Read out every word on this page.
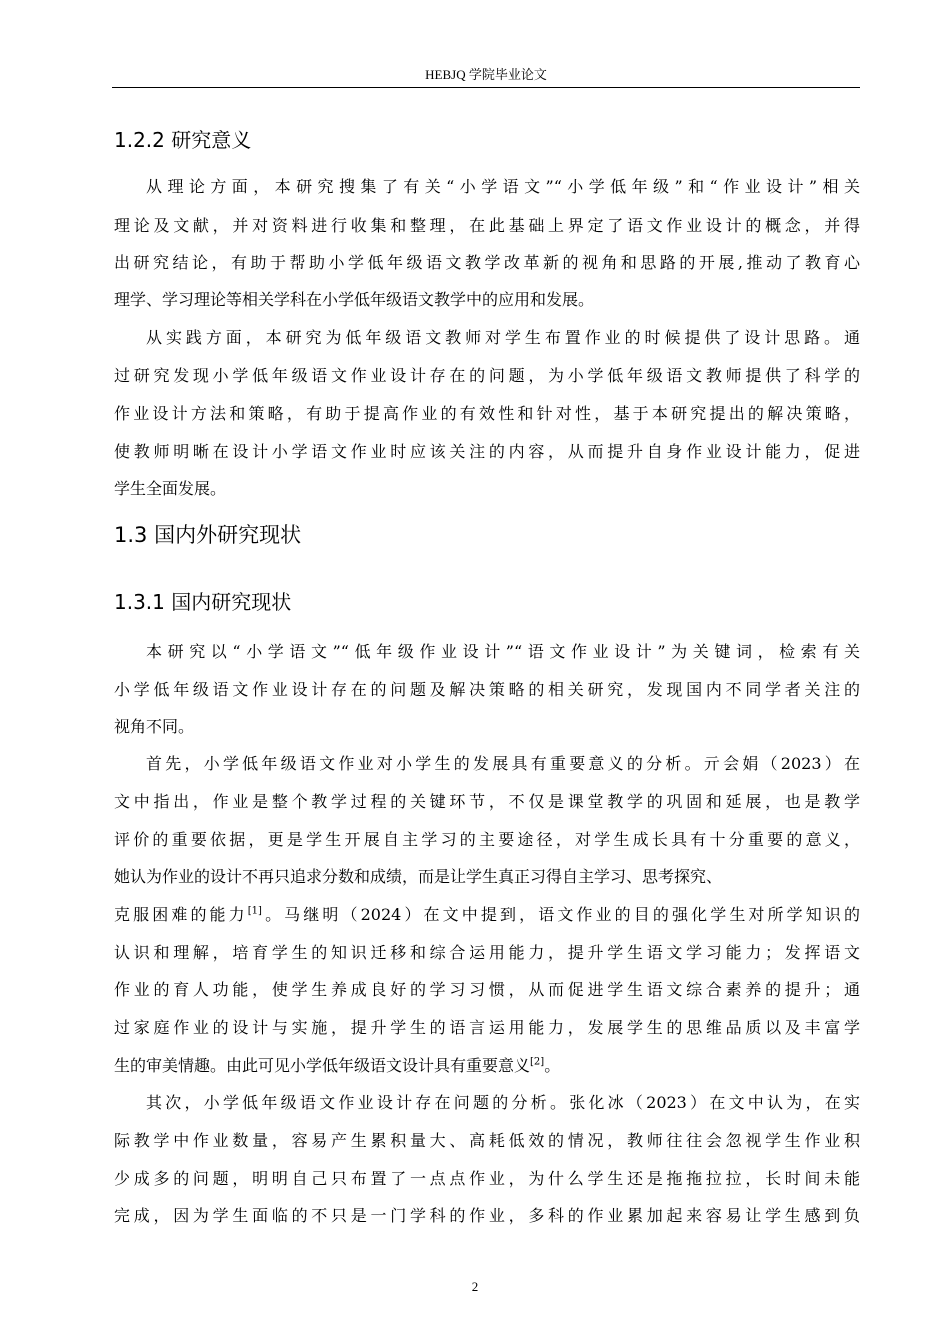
HEBJQ 学院毕业论文
1.2.2 研究意义
从理论方面，本研究搜集了有关“小学语文”“小学低年级”和“作业设计”相关
理论及文献，并对资料进行收集和整理，在此基础上界定了语文作业设计的概念，并得
出研究结论，有助于帮助小学低年级语文教学改革新的视角和思路的开展,推动了教育心
理学、学习理论等相关学科在小学低年级语文教学中的应用和发展。
从实践方面，本研究为低年级语文教师对学生布置作业的时候提供了设计思路。通
过研究发现小学低年级语文作业设计存在的问题，为小学低年级语文教师提供了科学的
作业设计方法和策略，有助于提高作业的有效性和针对性，基于本研究提出的解决策略，
使教师明晰在设计小学语文作业时应该关注的内容，从而提升自身作业设计能力，促进
学生全面发展。
1.3 国内外研究现状
1.3.1 国内研究现状
本研究以“小学语文”“低年级作业设计”“语文作业设计”为关键词，检索有关
小学低年级语文作业设计存在的问题及解决策略的相关研究，发现国内不同学者关注的
视角不同。
首先，小学低年级语文作业对小学生的发展具有重要意义的分析。亓会娟（2023）在
文中指出，作业是整个教学过程的关键环节，不仅是课堂教学的巩固和延展，也是教学
评价的重要依据，更是学生开展自主学习的主要途径，对学生成长具有十分重要的意义，
她认为作业的设计不再只追求分数和成绩，而是让学生真正习得自主学习、思考探究、
克服困难的能力[1]。马继明（2024）在文中提到，语文作业的目的强化学生对所学知识的
认识和理解，培育学生的知识迁移和综合运用能力，提升学生语文学习能力；发挥语文
作业的育人功能，使学生养成良好的学习习惯，从而促进学生语文综合素养的提升；通
过家庭作业的设计与实施，提升学生的语言运用能力，发展学生的思维品质以及丰富学
生的审美情趣。由此可见小学低年级语文设计具有重要意义[2]。
其次，小学低年级语文作业设计存在问题的分析。张化冰（2023）在文中认为，在实
际教学中作业数量，容易产生累积量大、高耗低效的情况，教师往往会忽视学生作业积
少成多的问题，明明自己只布置了一点点作业，为什么学生还是拖拖拉拉，长时间未能
完成，因为学生面临的不只是一门学科的作业，多科的作业累加起来容易让学生感到负
2
